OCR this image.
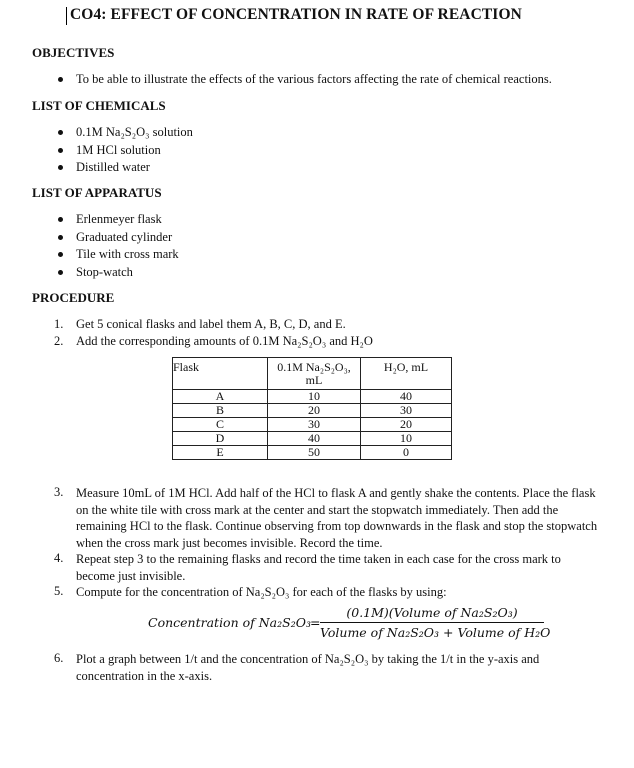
CO4: EFFECT OF CONCENTRATION IN RATE OF REACTION
OBJECTIVES
To be able to illustrate the effects of the various factors affecting the rate of chemical reactions.
LIST OF CHEMICALS
0.1M Na₂S₂O₃ solution
1M HCl solution
Distilled water
LIST OF APPARATUS
Erlenmeyer flask
Graduated cylinder
Tile with cross mark
Stop-watch
PROCEDURE
1. Get 5 conical flasks and label them A, B, C, D, and E.
2. Add the corresponding amounts of 0.1M Na₂S₂O₃ and H₂O
Flask	0.1M Na₂S₂O₃, mL	H₂O, mL
A	10	40
B	20	30
C	30	20
D	40	10
E	50	0
3. Measure 10mL of 1M HCl. Add half of the HCl to flask A and gently shake the contents. Place the flask on the white tile with cross mark at the center and start the stopwatch immediately. Then add the remaining HCl to the flask. Continue observing from top downwards in the flask and stop the stopwatch when the cross mark just becomes invisible. Record the time.
4. Repeat step 3 to the remaining flasks and record the time taken in each case for the cross mark to become just invisible.
5. Compute for the concentration of Na₂S₂O₃ for each of the flasks by using:
Concentration of Na₂S₂O₃ =
(0.1M)(Volume of Na₂S₂O₃)
Volume of Na₂S₂O₃ + Volume of H₂O
6. Plot a graph between 1/t and the concentration of Na₂S₂O₃ by taking the 1/t in the y-axis and concentration in the x-axis.
